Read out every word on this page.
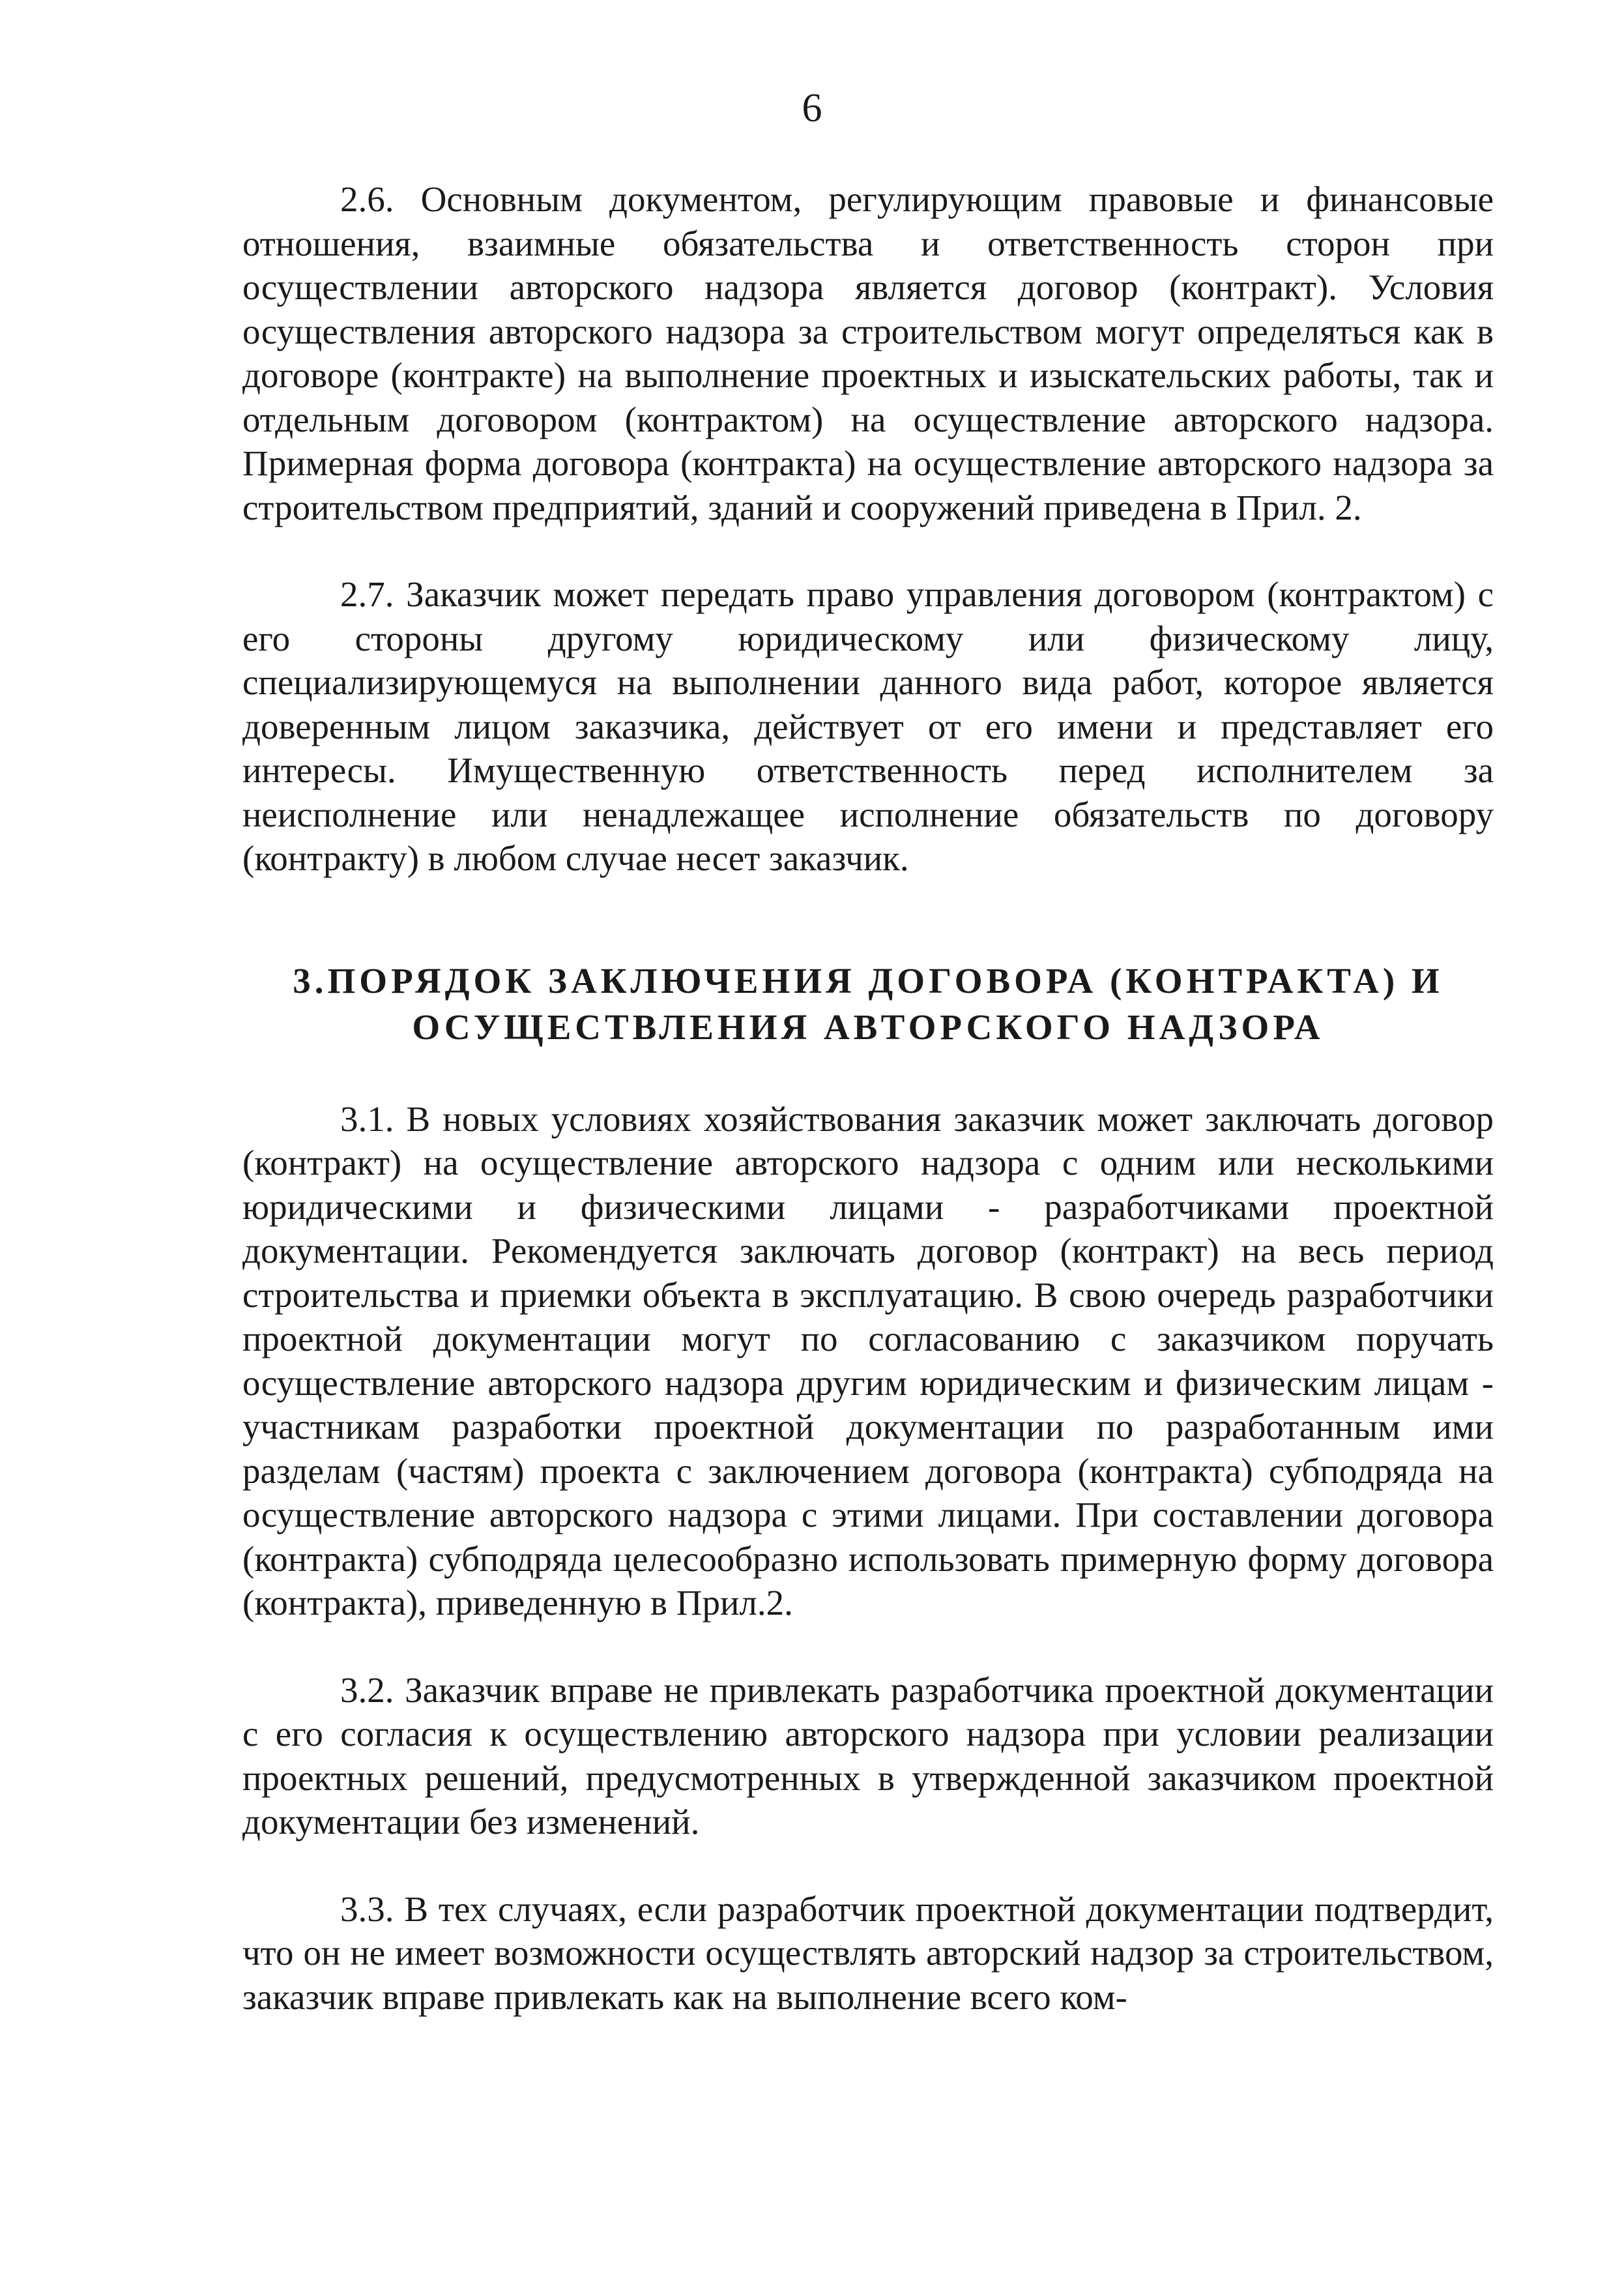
6

2.6. Основным документом, регулирующим правовые и финансовые отношения, взаимные обязательства и ответственность сторон при осуществлении авторского надзора является договор (контракт). Условия осуществления авторского надзора за строительством могут определяться как в договоре (контракте) на выполнение проектных и изыскательских работы, так и отдельным договором (контрактом) на осуществление авторского надзора. Примерная форма договора (контракта) на осуществление авторского надзора за строительством предприятий, зданий и сооружений приведена в Прил. 2.

2.7. Заказчик может передать право управления договором (контрактом) с его стороны другому юридическому или физическому лицу, специализирующемуся на выполнении данного вида работ, которое является доверенным лицом заказчика, действует от его имени и представляет его интересы. Имущественную ответственность перед исполнителем за неисполнение или ненадлежащее исполнение обязательств по договору (контракту) в любом случае несет заказчик.

3.ПОРЯДОК ЗАКЛЮЧЕНИЯ ДОГОВОРА (КОНТРАКТА) И
ОСУЩЕСТВЛЕНИЯ АВТОРСКОГО НАДЗОРА

3.1. В новых условиях хозяйствования заказчик может заключать договор (контракт) на осуществление авторского надзора с одним или несколькими юридическими и физическими лицами - разработчиками проектной документации. Рекомендуется заключать договор (контракт) на весь период строительства и приемки объекта в эксплуатацию. В свою очередь разработчики проектной документации могут по согласованию с заказчиком поручать осуществление авторского надзора другим юридическим и физическим лицам - участникам разработки проектной документации по разработанным ими разделам (частям) проекта с заключением договора (контракта) субподряда на осуществление авторского надзора с этими лицами. При составлении договора (контракта) субподряда целесообразно использовать примерную форму договора (контракта), приведенную в Прил.2.

3.2. Заказчик вправе не привлекать разработчика проектной документации с его согласия к осуществлению авторского надзора при условии реализации проектных решений, предусмотренных в утвержденной заказчиком проектной документации без изменений.

3.3. В тех случаях, если разработчик проектной документации подтвердит, что он не имеет возможности осуществлять авторский надзор за строительством, заказчик вправе привлекать как на выполнение всего ком-
